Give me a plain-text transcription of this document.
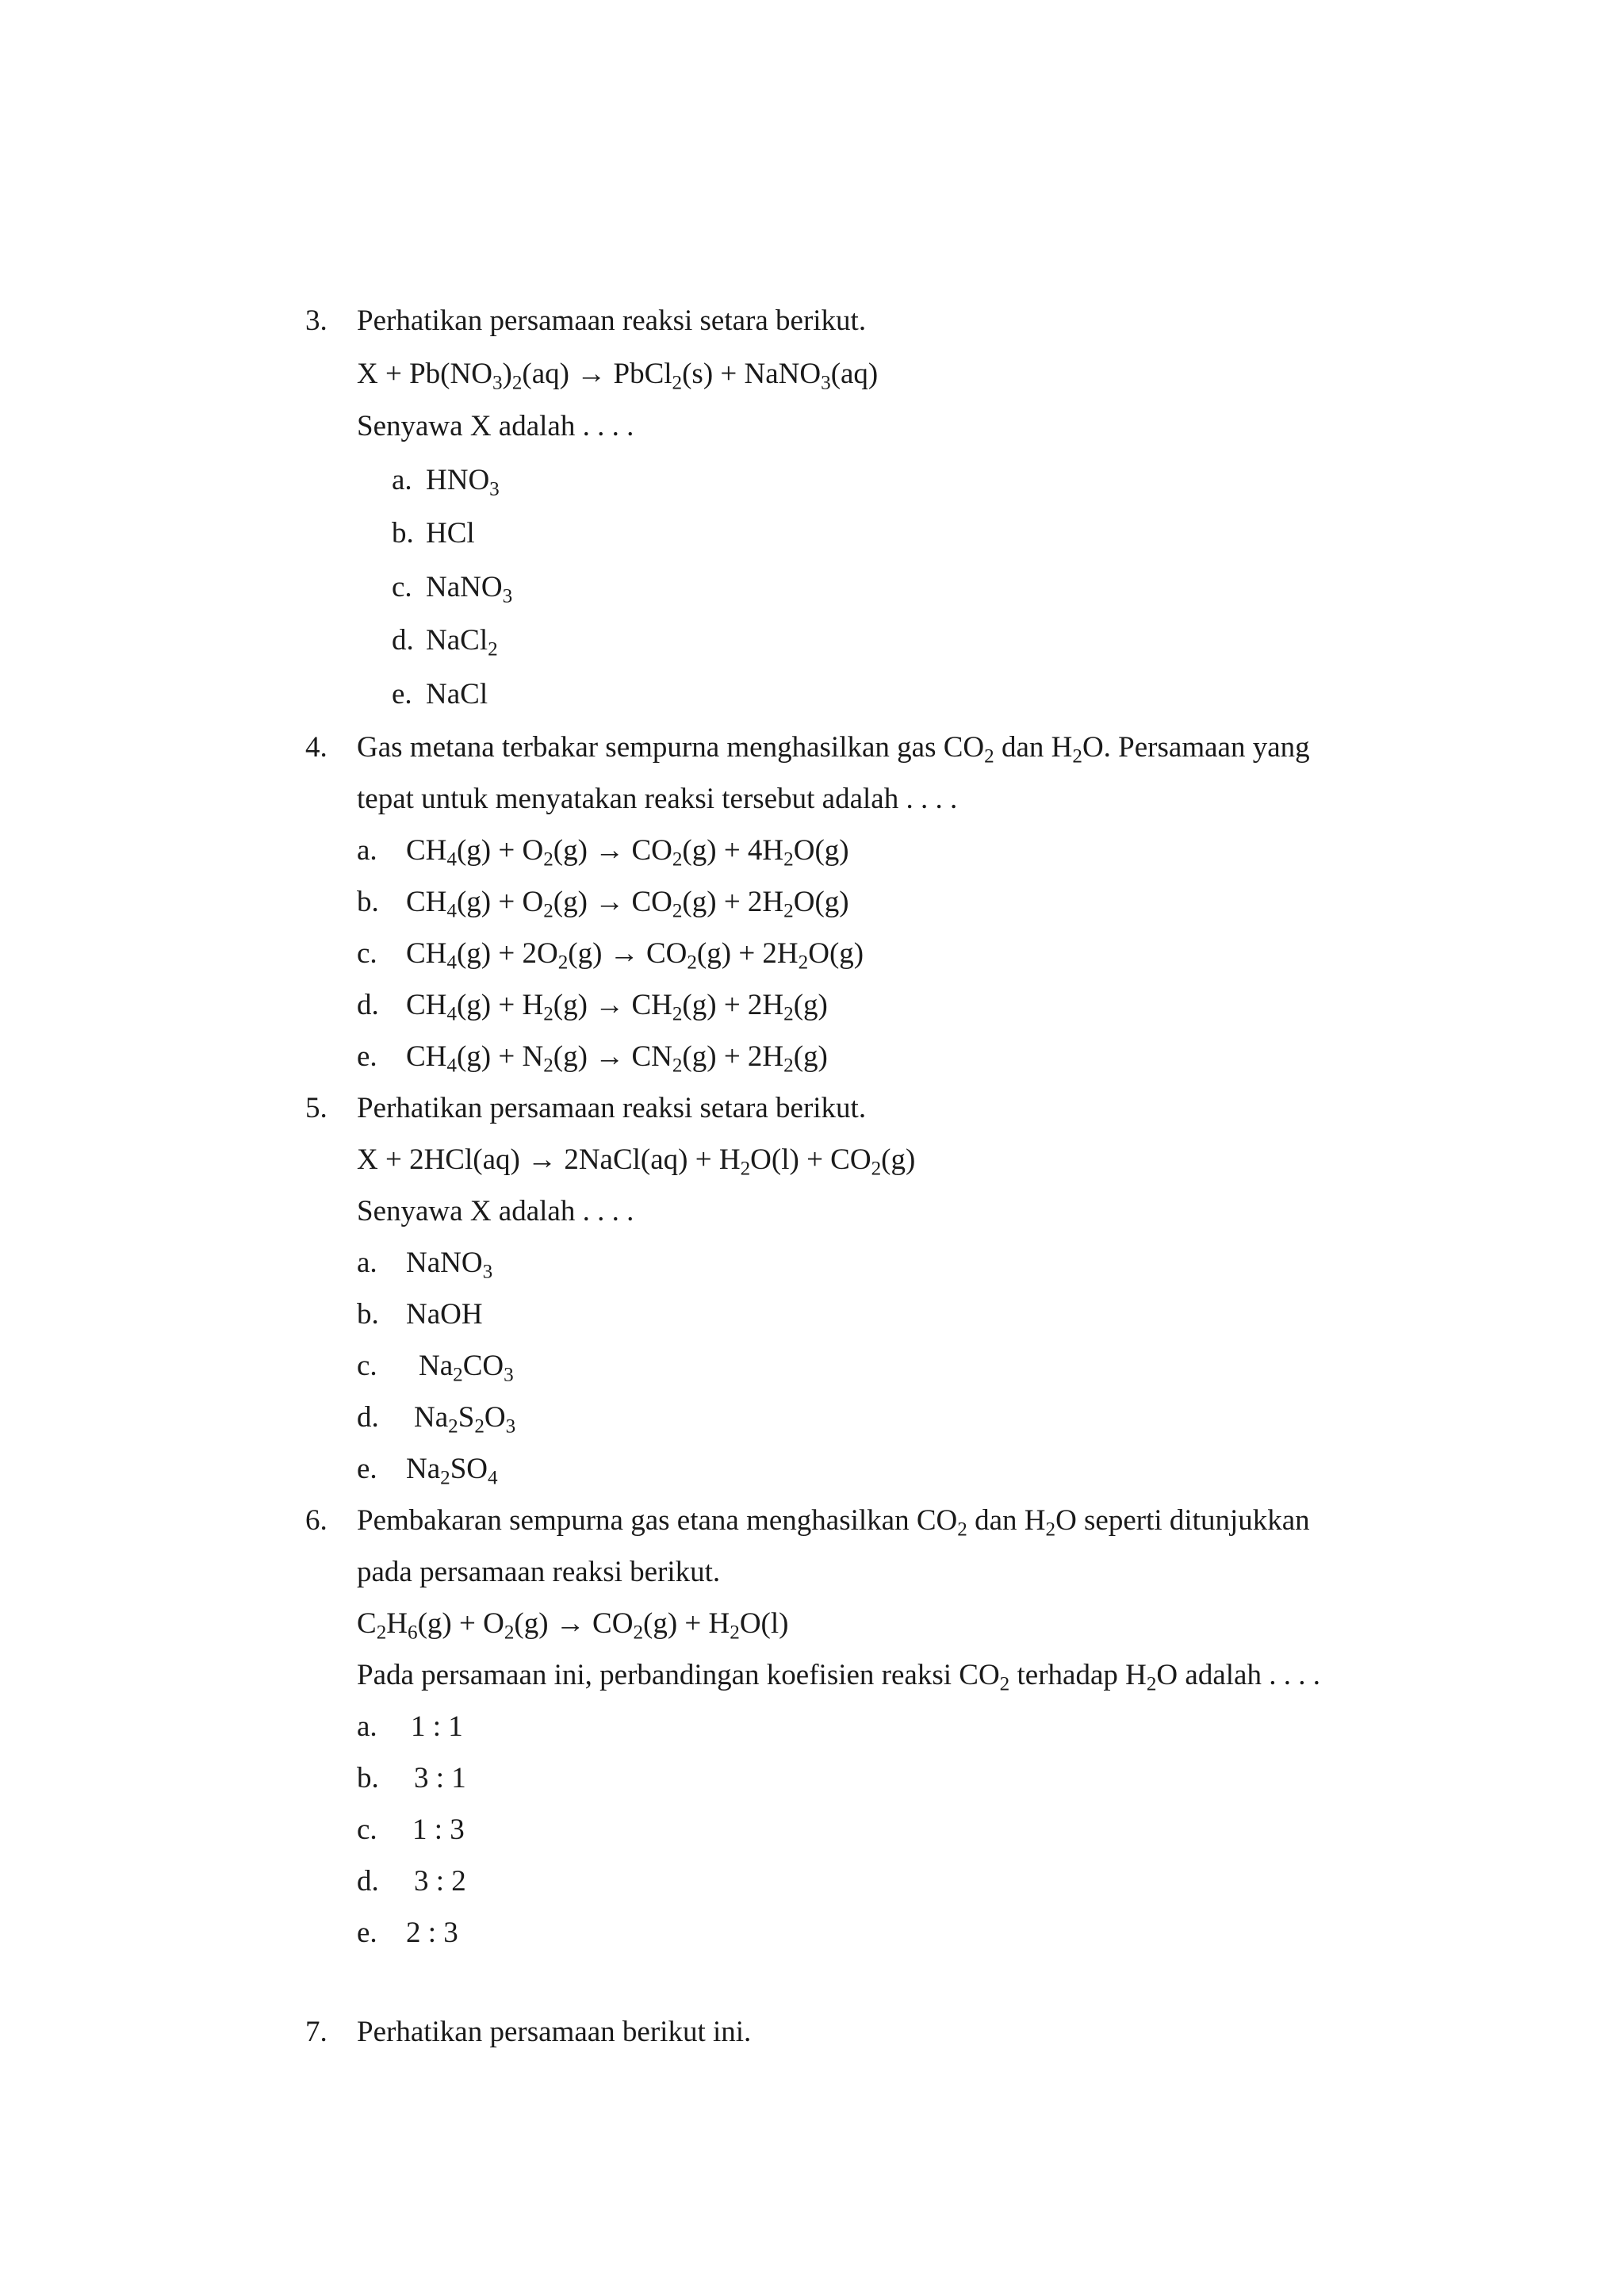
3. Perhatikan persamaan reaksi setara berikut.
$X + Pb(NO_3)_2(aq)$ → PbCl$_2$(s) + NaNO$_3$(aq)
Senyawa X adalah . . . .
a. $HNO_3$
b. HCl
c. NaNO$_3$
d. NaCl$_2$
e. NaCl
4. Gas metana terbakar sempurna menghasilkan gas $CO_2$ dan $H_2O$. Persamaan yang
tepat untuk menyatakan reaksi tersebut adalah . . . .
a. $CH_4(g) + O_2(g) \to CO_2(g) + 4H_2O(g)$
b. $CH_4(g) + O_2(g) \to CO_2(g) + 2H_2O(g)$
c. $CH_4(g) + 2O_2(g) \to CO_2(g) + 2H_2O(g)$
d. $CH_4(g) + H_2(g) \to CH_2(g) + 2H_2(g)$
e. $CH_4(g) + N_2(g) \to CN_2(g) + 2H_2(g)$
5. Perhatikan persamaan reaksi setara berikut.
X + 2HCl(aq) → 2NaCl(aq) + $H_2O(l) + CO_2(g)$
Senyawa X adalah . . . .
a. NaNO$_3$
b. NaOH
c. $Na_2CO_3$
d. $Na_2S_2O_3$
e. $Na_2SO_4$
6. Pembakaran sempurna gas etana menghasilkan $CO_2$ dan $H_2O$ seperti ditunjukkan
pada persamaan reaksi berikut.
$C_2H_6(g) + O_2(g) \to CO_2(g) + H_2O(l)$
Pada persamaan ini, perbandingan koefisien reaksi $CO_2$ terhadap $H_2O$ adalah . . . .
a. 1 : 1
b. 3 : 1
c. 1 : 3
d. 3 : 2
e. 2 : 3
7. Perhatikan persamaan berikut ini.
